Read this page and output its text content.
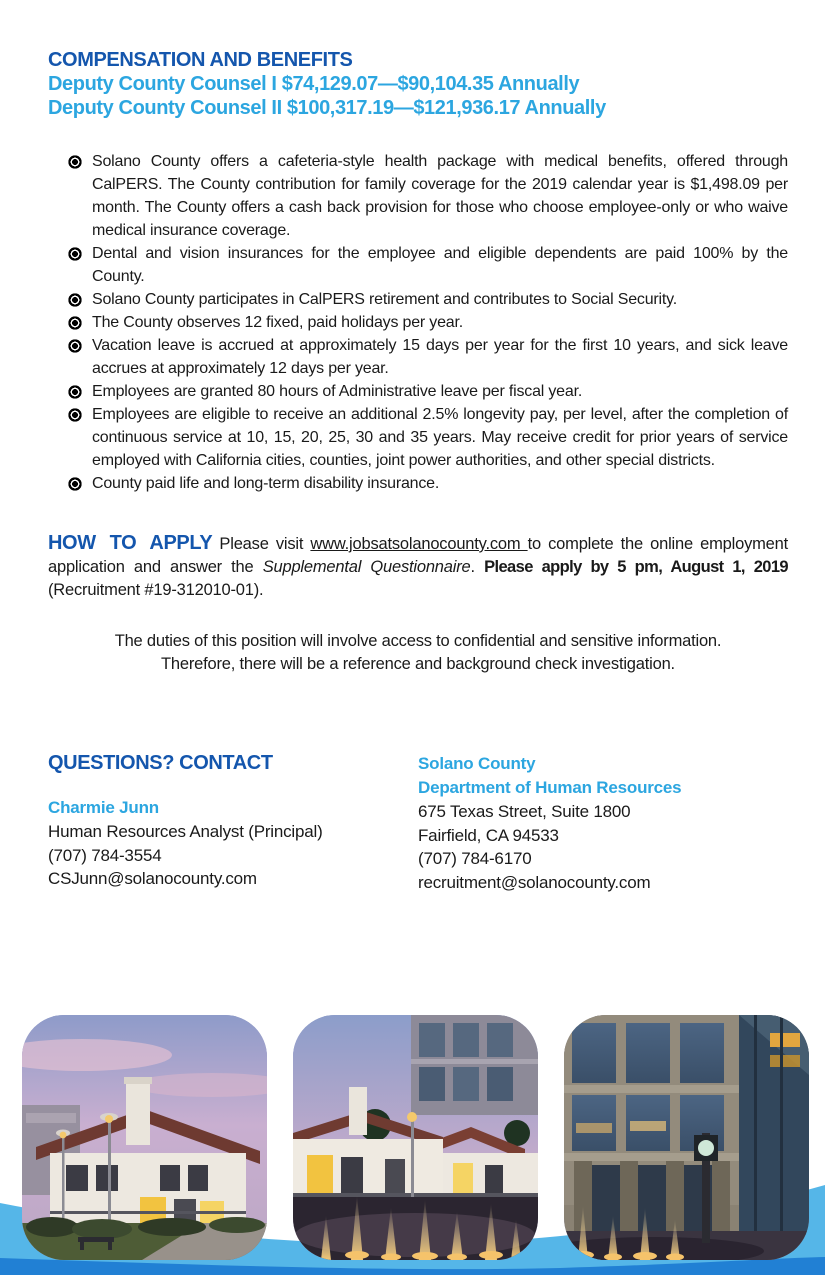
COMPENSATION AND BENEFITS
Deputy County Counsel I $74,129.07—$90,104.35 Annually
Deputy County Counsel II $100,317.19—$121,936.17 Annually
Solano County offers a cafeteria-style health package with medical benefits, offered through CalPERS. The County contribution for family coverage for the 2019 calendar year is $1,498.09 per month. The County offers a cash back provision for those who choose employee-only or who waive medical insurance coverage.
Dental and vision insurances for the employee and eligible dependents are paid 100% by the County.
Solano County participates in CalPERS retirement and contributes to Social Security.
The County observes 12 fixed, paid holidays per year.
Vacation leave is accrued at approximately 15 days per year for the first 10 years, and sick leave accrues at approximately 12 days per year.
Employees are granted 80 hours of Administrative leave per fiscal year.
Employees are eligible to receive an additional 2.5% longevity pay, per level, after the completion of continuous service at 10, 15, 20, 25, 30 and 35 years. May receive credit for prior years of service employed with California cities, counties, joint power authorities, and other special districts.
County paid life and long-term disability insurance.

HOW TO APPLY Please visit www.jobsatsolanocounty.com to complete the online employment application and answer the Supplemental Questionnaire. Please apply by 5 pm, August 1, 2019 (Recruitment #19-312010-01).

The duties of this position will involve access to confidential and sensitive information. Therefore, there will be a reference and background check investigation.

QUESTIONS? CONTACT
Charmie Junn
Human Resources Analyst (Principal)
(707) 784-3554
CSJunn@solanocounty.com
Solano County
Department of Human Resources
675 Texas Street, Suite 1800
Fairfield, CA 94533
(707) 784-6170
recruitment@solanocounty.com
